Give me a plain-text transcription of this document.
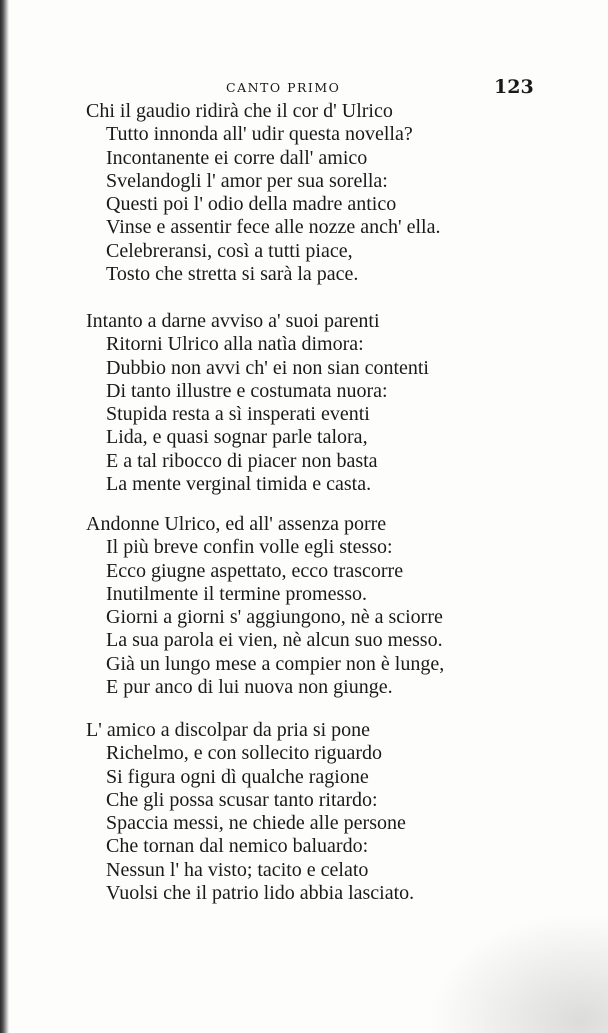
CANTO PRIMO	123
Chi il gaudio ridirà che il cor d' Ulrico
Tutto innonda all' udir questa novella?
Incontanente ei corre dall' amico
Svelandogli l' amor per sua sorella:
Questi poi l' odio della madre antico
Vinse e assentir fece alle nozze anch' ella.
Celebreransi, così a tutti piace,
Tosto che stretta si sarà la pace.
Intanto a darne avviso a' suoi parenti
Ritorni Ulrico alla natìa dimora:
Dubbio non avvi ch' ei non sian contenti
Di tanto illustre e costumata nuora:
Stupida resta a sì insperati eventi
Lida, e quasi sognar parle talora,
E a tal ribocco di piacer non basta
La mente verginal timida e casta.
Andonne Ulrico, ed all' assenza porre
Il più breve confin volle egli stesso:
Ecco giugne aspettato, ecco trascorre
Inutilmente il termine promesso.
Giorni a giorni s' aggiungono, nè a sciorre
La sua parola ei vien, nè alcun suo messo.
Già un lungo mese a compier non è lunge,
E pur anco di lui nuova non giunge.
L' amico a discolpar da pria si pone
Richelmo, e con sollecito riguardo
Si figura ogni dì qualche ragione
Che gli possa scusar tanto ritardo:
Spaccia messi, ne chiede alle persone
Che tornan dal nemico baluardo:
Nessun l' ha visto; tacito e celato
Vuolsi che il patrio lido abbia lasciato.
